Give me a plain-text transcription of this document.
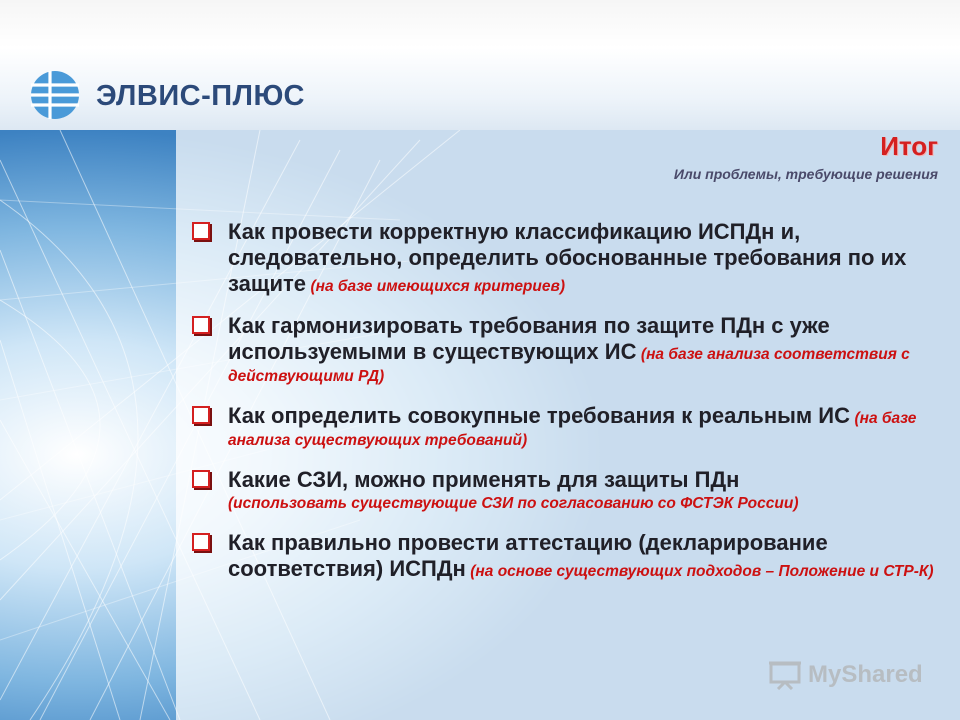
ЭЛВИС-ПЛЮС
Итог
Или проблемы, требующие решения
Как провести корректную классификацию ИСПДн и, следовательно, определить обоснованные требования по их защите (на базе имеющихся критериев)
Как гармонизировать требования по защите ПДн с уже используемыми в существующих ИС (на базе анализа соответствия с действующими РД)
Как определить совокупные требования к реальным ИС (на базе анализа существующих требований)
Какие СЗИ, можно применять для защиты ПДн
(использовать существующие СЗИ по согласованию со ФСТЭК России)
Как правильно провести аттестацию (декларирование соответствия) ИСПДн (на основе существующих подходов – Положение и СТР-К)
MyShared
